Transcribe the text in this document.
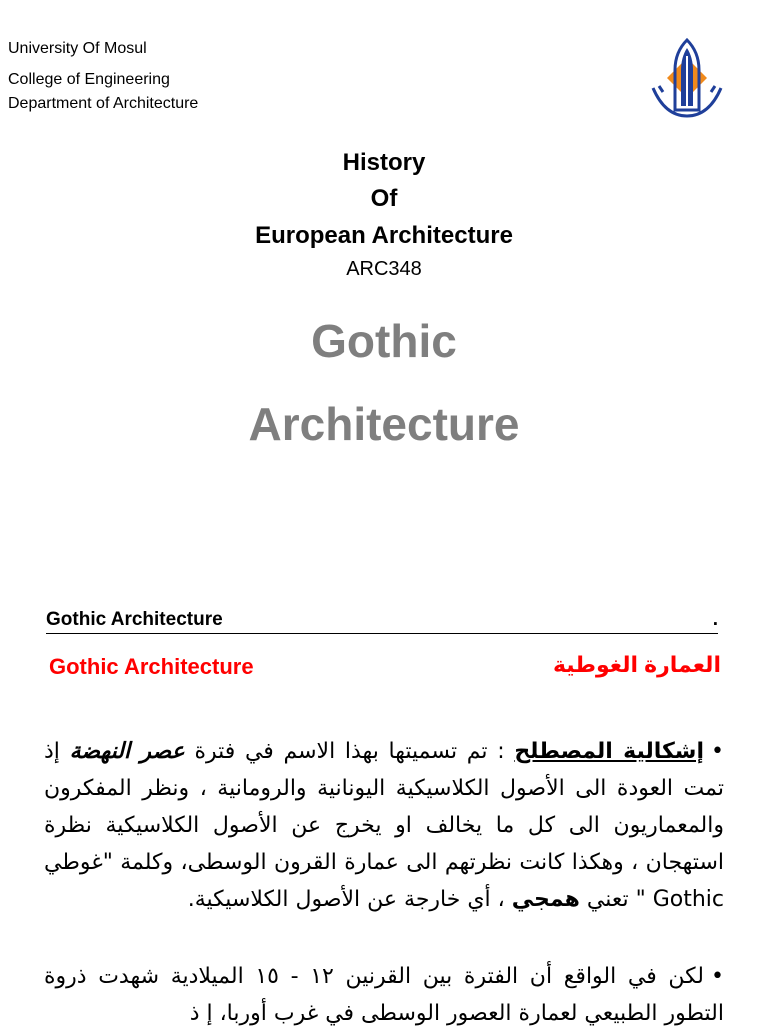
University Of Mosul
College of Engineering
Department of Architecture
History
Of
European Architecture
ARC348
Gothic
Architecture
Gothic Architecture	.
Gothic Architecture	العمارة الغوطية
•إشكالية المصطلح : تم تسميتها بهذا الاسم في فترة عصر النهضة إذ تمت العودة الى الأصول الكلاسيكية اليونانية والرومانية ، ونظر المفكرون والمعماريون الى كل ما يخالف او يخرج عن الأصول الكلاسيكية نظرة استهجان ، وهكذا كانت نظرتهم الى عمارة القرون الوسطى، وكلمة "غوطي Gothic " تعني همجي ، أي خارجة عن الأصول الكلاسيكية.
•لكن في الواقع أن الفترة بين القرنين ١٢ - ١٥ الميلادية شهدت ذروة التطور الطبيعي لعمارة العصور الوسطى في غرب أوربا، إ ذ
